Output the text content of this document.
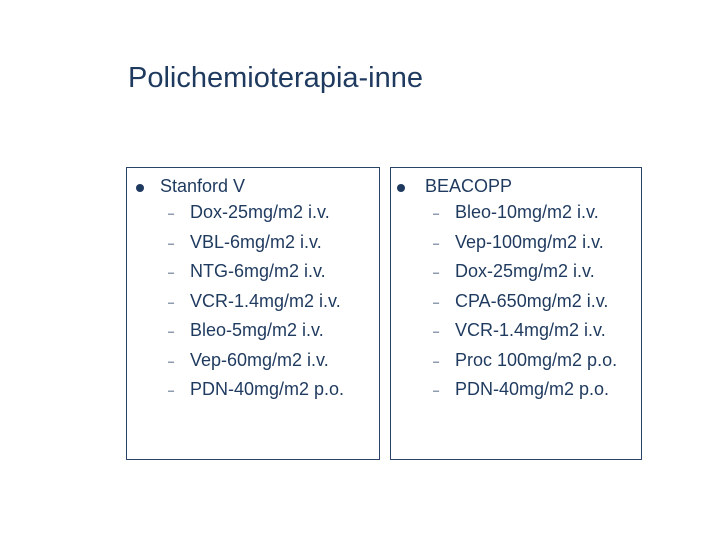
Polichemioterapia-inne
Stanford V
– Dox-25mg/m2 i.v.
– VBL-6mg/m2 i.v.
– NTG-6mg/m2 i.v.
– VCR-1.4mg/m2 i.v.
– Bleo-5mg/m2 i.v.
– Vep-60mg/m2 i.v.
– PDN-40mg/m2 p.o.
BEACOPP
– Bleo-10mg/m2 i.v.
– Vep-100mg/m2 i.v.
– Dox-25mg/m2 i.v.
– CPA-650mg/m2 i.v.
– VCR-1.4mg/m2 i.v.
– Proc 100mg/m2 p.o.
– PDN-40mg/m2 p.o.
